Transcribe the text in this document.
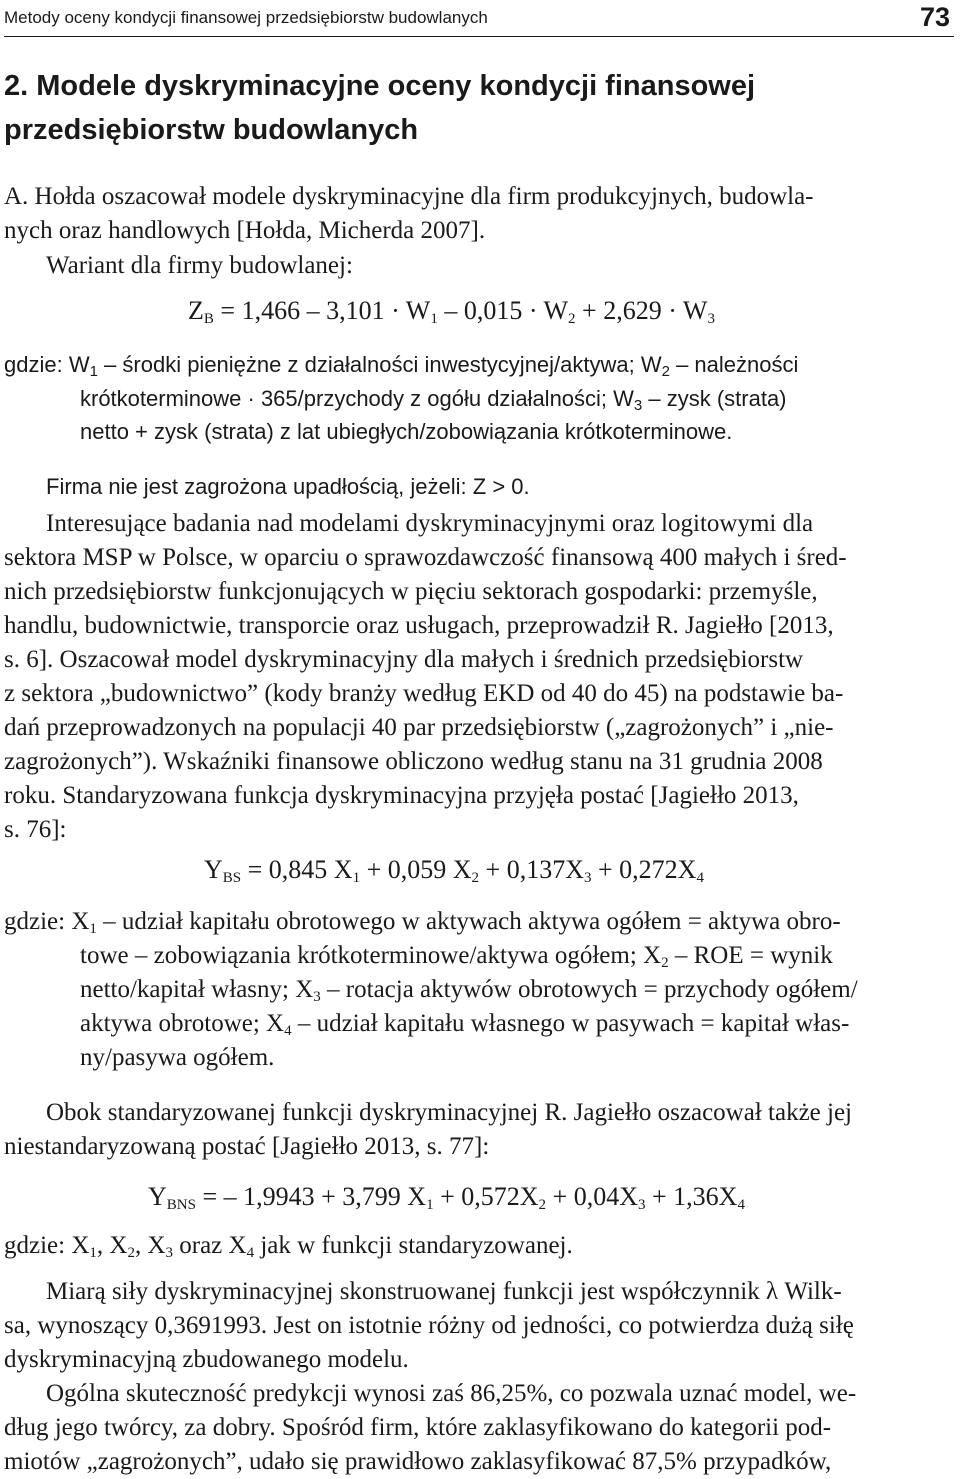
Metody oceny kondycji finansowej przedsiębiorstw budowlanych	73
2. Modele dyskryminacyjne oceny kondycji finansowej
przedsiębiorstw budowlanych
A. Hołda oszacował modele dyskryminacyjne dla firm produkcyjnych, budowla-
nych oraz handlowych [Hołda, Micherda 2007].
Wariant dla firmy budowlanej:
$Z_B = 1,466 - 3,101 \cdot W_1 - 0,015 \cdot W_2 + 2,629 \cdot W_3$
gdzie: $W_1$ – środki pieniężne z działalności inwestycyjnej/aktywa; $W_2$ – należności
krótkoterminowe · 365/przychody z ogółu działalności; $W_3$ – zysk (strata)
netto + zysk (strata) z lat ubiegłych/zobowiązania krótkoterminowe.
Firma nie jest zagrożona upadłością, jeżeli: Z > 0.
Interesujące badania nad modelami dyskryminacyjnymi oraz logitowymi dla
sektora MSP w Polsce, w oparciu o sprawozdawczość finansową 400 małych i śred-
nich przedsiębiorstw funkcjonujących w pięciu sektorach gospodarki: przemyśle,
handlu, budownictwie, transporcie oraz usługach, przeprowadził R. Jagiełło [2013,
s. 6]. Oszacował model dyskryminacyjny dla małych i średnich przedsiębiorstw
z sektora „budownictwo” (kody branży według EKD od 40 do 45) na podstawie ba-
dań przeprowadzonych na populacji 40 par przedsiębiorstw („zagrożonych” i „nie-
zagrożonych”). Wskaźniki finansowe obliczono według stanu na 31 grudnia 2008
roku. Standaryzowana funkcja dyskryminacyjna przyjęła postać [Jagiełło 2013,
s. 76]:
$Y_{BS} = 0,845$ $X_1 + 0,059$ $X_2 + 0,137X_3 + 0,272X_4$
gdzie: $X_1$ – udział kapitału obrotowego w aktywach aktywa ogółem = aktywa obro-
towe – zobowiązania krótkoterminowe/aktywa ogółem; $X_2$ – ROE = wynik
netto/kapitał własny; $X_3$ – rotacja aktywów obrotowych = przychody ogółem/
aktywa obrotowe; $X_4$ – udział kapitału własnego w pasywach = kapitał włas-
ny/pasywa ogółem.
Obok standaryzowanej funkcji dyskryminacyjnej R. Jagiełło oszacował także jej
niestandaryzowaną postać [Jagiełło 2013, s. 77]:
$Y_{BNS}$ = – 1,9943 + 3,799 $X_1 + 0,572X_2 + 0,04X_3 + 1,36X_4$
gdzie: $X_1$, $X_2$, $X_3$ oraz $X_4$ jak w funkcji standaryzowanej.
Miarą siły dyskryminacyjnej skonstruowanej funkcji jest współczynnik λ Wilk-
sa, wynoszący 0,3691993. Jest on istotnie różny od jedności, co potwierdza dużą siłę
dyskryminacyjną zbudowanego modelu.
Ogólna skuteczność predykcji wynosi zaś 86,25%, co pozwala uznać model, we-
dług jego twórcy, za dobry. Spośród firm, które zaklasyfikowano do kategorii pod-
miotów „zagrożonych”, udało się prawidłowo zaklasyfikować 87,5% przypadków,
